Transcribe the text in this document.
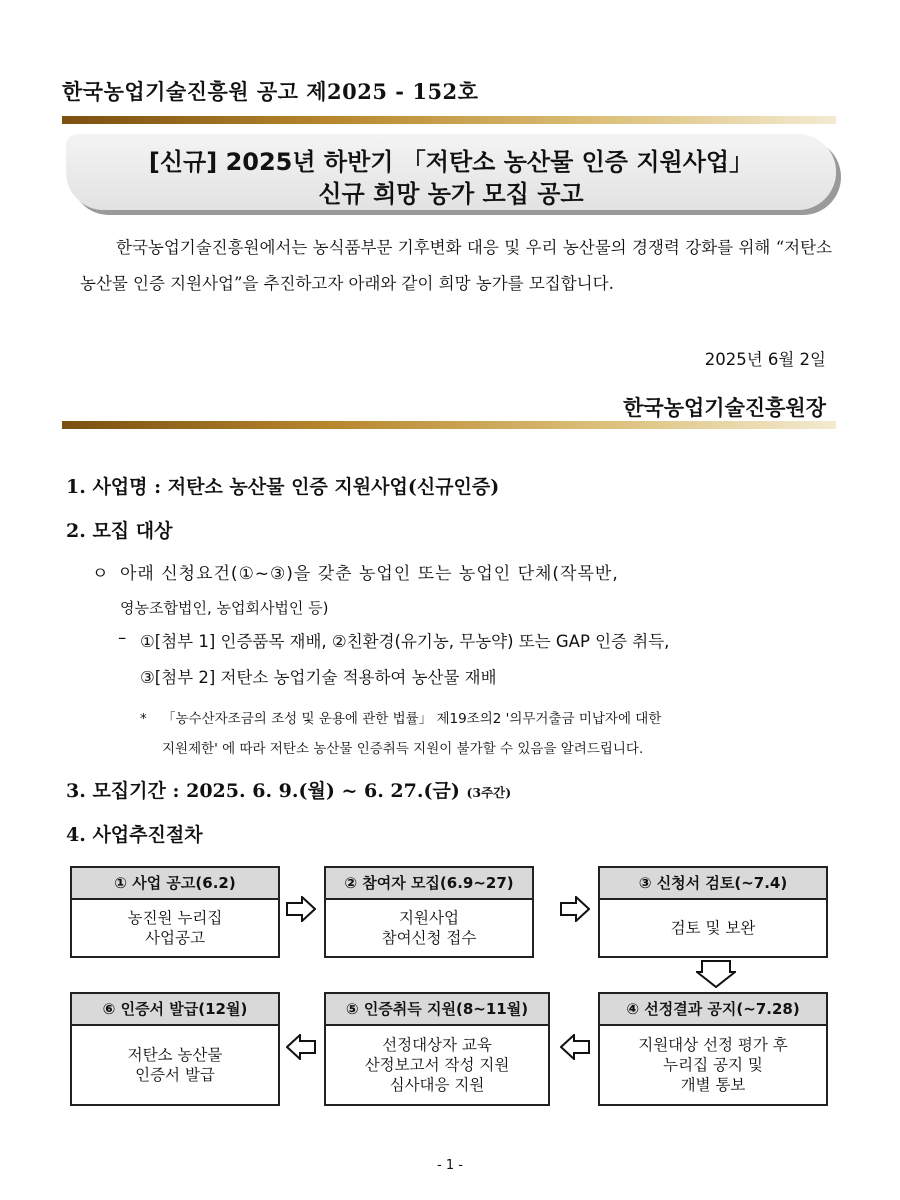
한국농업기술진흥원 공고 제2025 - 152호
[신규] 2025년 하반기 「저탄소 농산물 인증 지원사업」
신규 희망 농가 모집 공고
한국농업기술진흥원에서는 농식품부문 기후변화 대응 및 우리 농산물의 경쟁력 강화를 위해 “저탄소 농산물 인증 지원사업”을 추진하고자 아래와 같이 희망 농가를 모집합니다.
2025년 6월 2일
한국농업기술진흥원장
1. 사업명 : 저탄소 농산물 인증 지원사업(신규인증)
2. 모집 대상
ㅇ 아래 신청요건(①~③)을 갖춘 농업인 또는 농업인 단체(작목반,
영농조합법인, 농업회사법인 등)
– ①[첨부 1] 인증품목 재배, ②친환경(유기농, 무농약) 또는 GAP 인증 취득,
③[첨부 2] 저탄소 농업기술 적용하여 농산물 재배
*	「농수산자조금의 조성 및 운용에 관한 법률」 제19조의2 '의무거출금 미납자에 대한
지원제한' 에 따라 저탄소 농산물 인증취득 지원이 불가할 수 있음을 알려드립니다.
3. 모집기간 : 2025. 6. 9.(월) ~ 6. 27.(금) (3주간)
4. 사업추진절차
① 사업 공고(6.2)
농진원 누리집
사업공고
② 참여자 모집(6.9~27)
지원사업
참여신청 접수
③ 신청서 검토(~7.4)
검토 및 보완
⑥ 인증서 발급(12월)
저탄소 농산물
인증서 발급
⑤ 인증취득 지원(8~11월)
선정대상자 교육
산정보고서 작성 지원
심사대응 지원
④ 선정결과 공지(~7.28)
지원대상 선정 평가 후
누리집 공지 및
개별 통보
- 1 -
